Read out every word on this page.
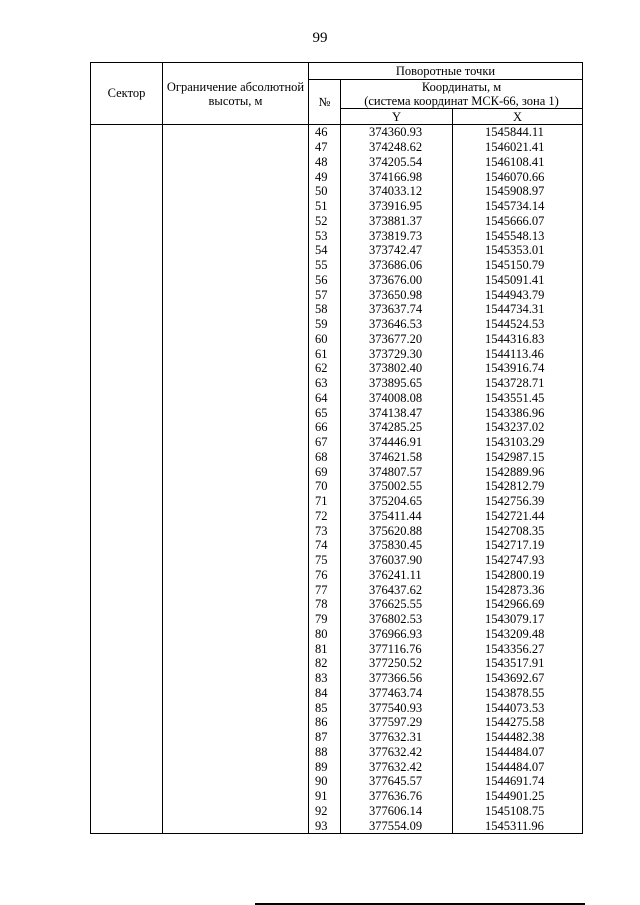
99
Сектор	Ограничение абсолютной высоты, м	Поворотные точки		
		№	Координаты, м
(система координат МСК-66, зона 1)	

			Y	X
		46	374360.93	1545844.11
		47	374248.62	1546021.41
		48	374205.54	1546108.41
		49	374166.98	1546070.66
		50	374033.12	1545908.97
		51	373916.95	1545734.14
		52	373881.37	1545666.07
		53	373819.73	1545548.13
		54	373742.47	1545353.01
		55	373686.06	1545150.79
		56	373676.00	1545091.41
		57	373650.98	1544943.79
		58	373637.74	1544734.31
		59	373646.53	1544524.53
		60	373677.20	1544316.83
		61	373729.30	1544113.46
		62	373802.40	1543916.74
		63	373895.65	1543728.71
		64	374008.08	1543551.45
		65	374138.47	1543386.96
		66	374285.25	1543237.02
		67	374446.91	1543103.29
		68	374621.58	1542987.15
		69	374807.57	1542889.96
		70	375002.55	1542812.79
		71	375204.65	1542756.39
		72	375411.44	1542721.44
		73	375620.88	1542708.35
		74	375830.45	1542717.19
		75	376037.90	1542747.93
		76	376241.11	1542800.19
		77	376437.62	1542873.36
		78	376625.55	1542966.69
		79	376802.53	1543079.17
		80	376966.93	1543209.48
		81	377116.76	1543356.27
		82	377250.52	1543517.91
		83	377366.56	1543692.67
		84	377463.74	1543878.55
		85	377540.93	1544073.53
		86	377597.29	1544275.58
		87	377632.31	1544482.38
		88	377632.42	1544484.07
		89	377632.42	1544484.07
		90	377645.57	1544691.74
		91	377636.76	1544901.25
		92	377606.14	1545108.75
		93	377554.09	1545311.96
